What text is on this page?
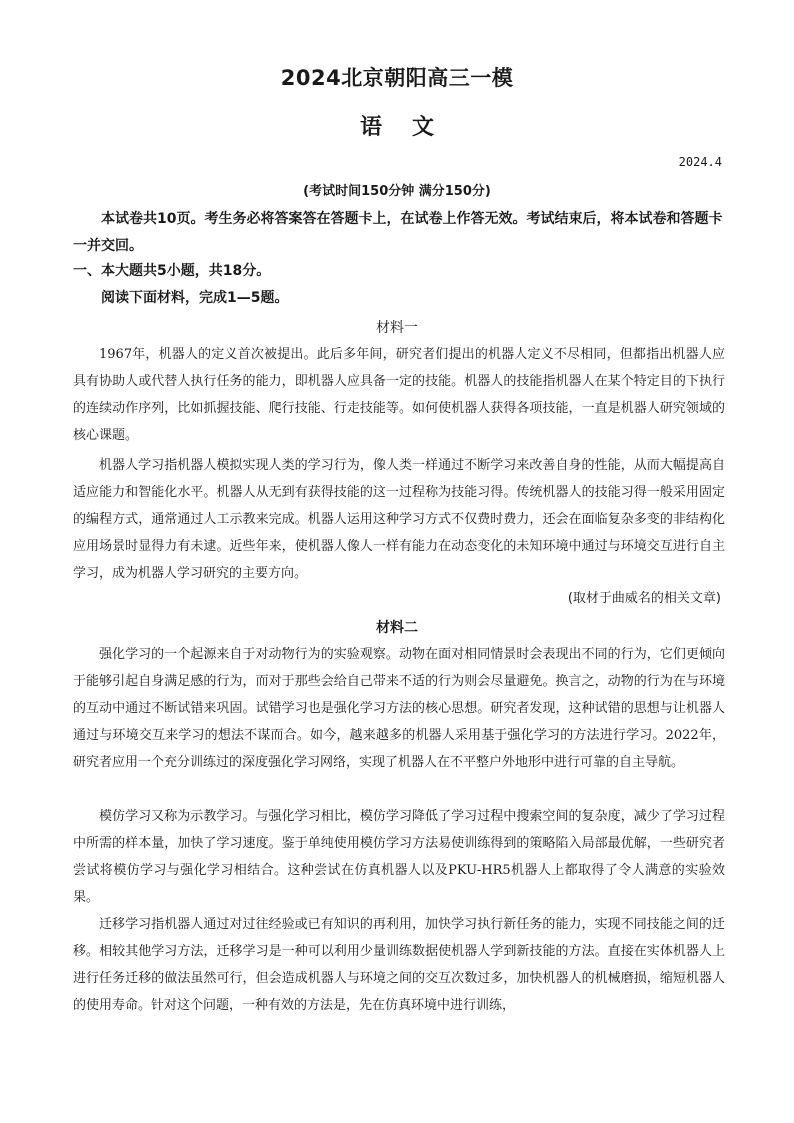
2024北京朝阳高三一模
语文
2024.4
(考试时间150分钟 满分150分)

本试卷共10页。考生务必将答案答在答题卡上，在试卷上作答无效。考试结束后，将本试卷和答题卡一并交回。

一、本大题共5小题，共18分。
阅读下面材料，完成1—5题。
材料一

1967年，机器人的定义首次被提出。此后多年间，研究者们提出的机器人定义不尽相同，但都指出机器人应具有协助人或代替人执行任务的能力，即机器人应具备一定的技能。机器人的技能指机器人在某个特定目的下执行的连续动作序列，比如抓握技能、爬行技能、行走技能等。如何使机器人获得各项技能，一直是机器人研究领域的核心课题。

机器人学习指机器人模拟实现人类的学习行为，像人类一样通过不断学习来改善自身的性能，从而大幅提高自适应能力和智能化水平。机器人从无到有获得技能的这一过程称为技能习得。传统机器人的技能习得一般采用固定的编程方式，通常通过人工示教来完成。机器人运用这种学习方式不仅费时费力，还会在面临复杂多变的非结构化应用场景时显得力有未逮。近些年来，使机器人像人一样有能力在动态变化的未知环境中通过与环境交互进行自主学习，成为机器人学习研究的主要方向。

(取材于曲威名的相关文章)
材料二

强化学习的一个起源来自于对动物行为的实验观察。动物在面对相同情景时会表现出不同的行为，它们更倾向于能够引起自身满足感的行为，而对于那些会给自己带来不适的行为则会尽量避免。换言之，动物的行为在与环境的互动中通过不断试错来巩固。试错学习也是强化学习方法的核心思想。研究者发现，这种试错的思想与让机器人通过与环境交互来学习的想法不谋而合。如今，越来越多的机器人采用基于强化学习的方法进行学习。2022年，研究者应用一个充分训练过的深度强化学习网络，实现了机器人在不平整户外地形中进行可靠的自主导航。

模仿学习又称为示教学习。与强化学习相比，模仿学习降低了学习过程中搜索空间的复杂度，减少了学习过程中所需的样本量，加快了学习速度。鉴于单纯使用模仿学习方法易使训练得到的策略陷入局部最优解，一些研究者尝试将模仿学习与强化学习相结合。这种尝试在仿真机器人以及PKU-HR5机器人上都取得了令人满意的实验效果。

迁移学习指机器人通过对过往经验或已有知识的再利用，加快学习执行新任务的能力，实现不同技能之间的迁移。相较其他学习方法，迁移学习是一种可以利用少量训练数据使机器人学到新技能的方法。直接在实体机器人上进行任务迁移的做法虽然可行，但会造成机器人与环境之间的交互次数过多，加快机器人的机械磨损，缩短机器人的使用寿命。针对这个问题，一种有效的方法是，先在仿真环境中进行训练，
